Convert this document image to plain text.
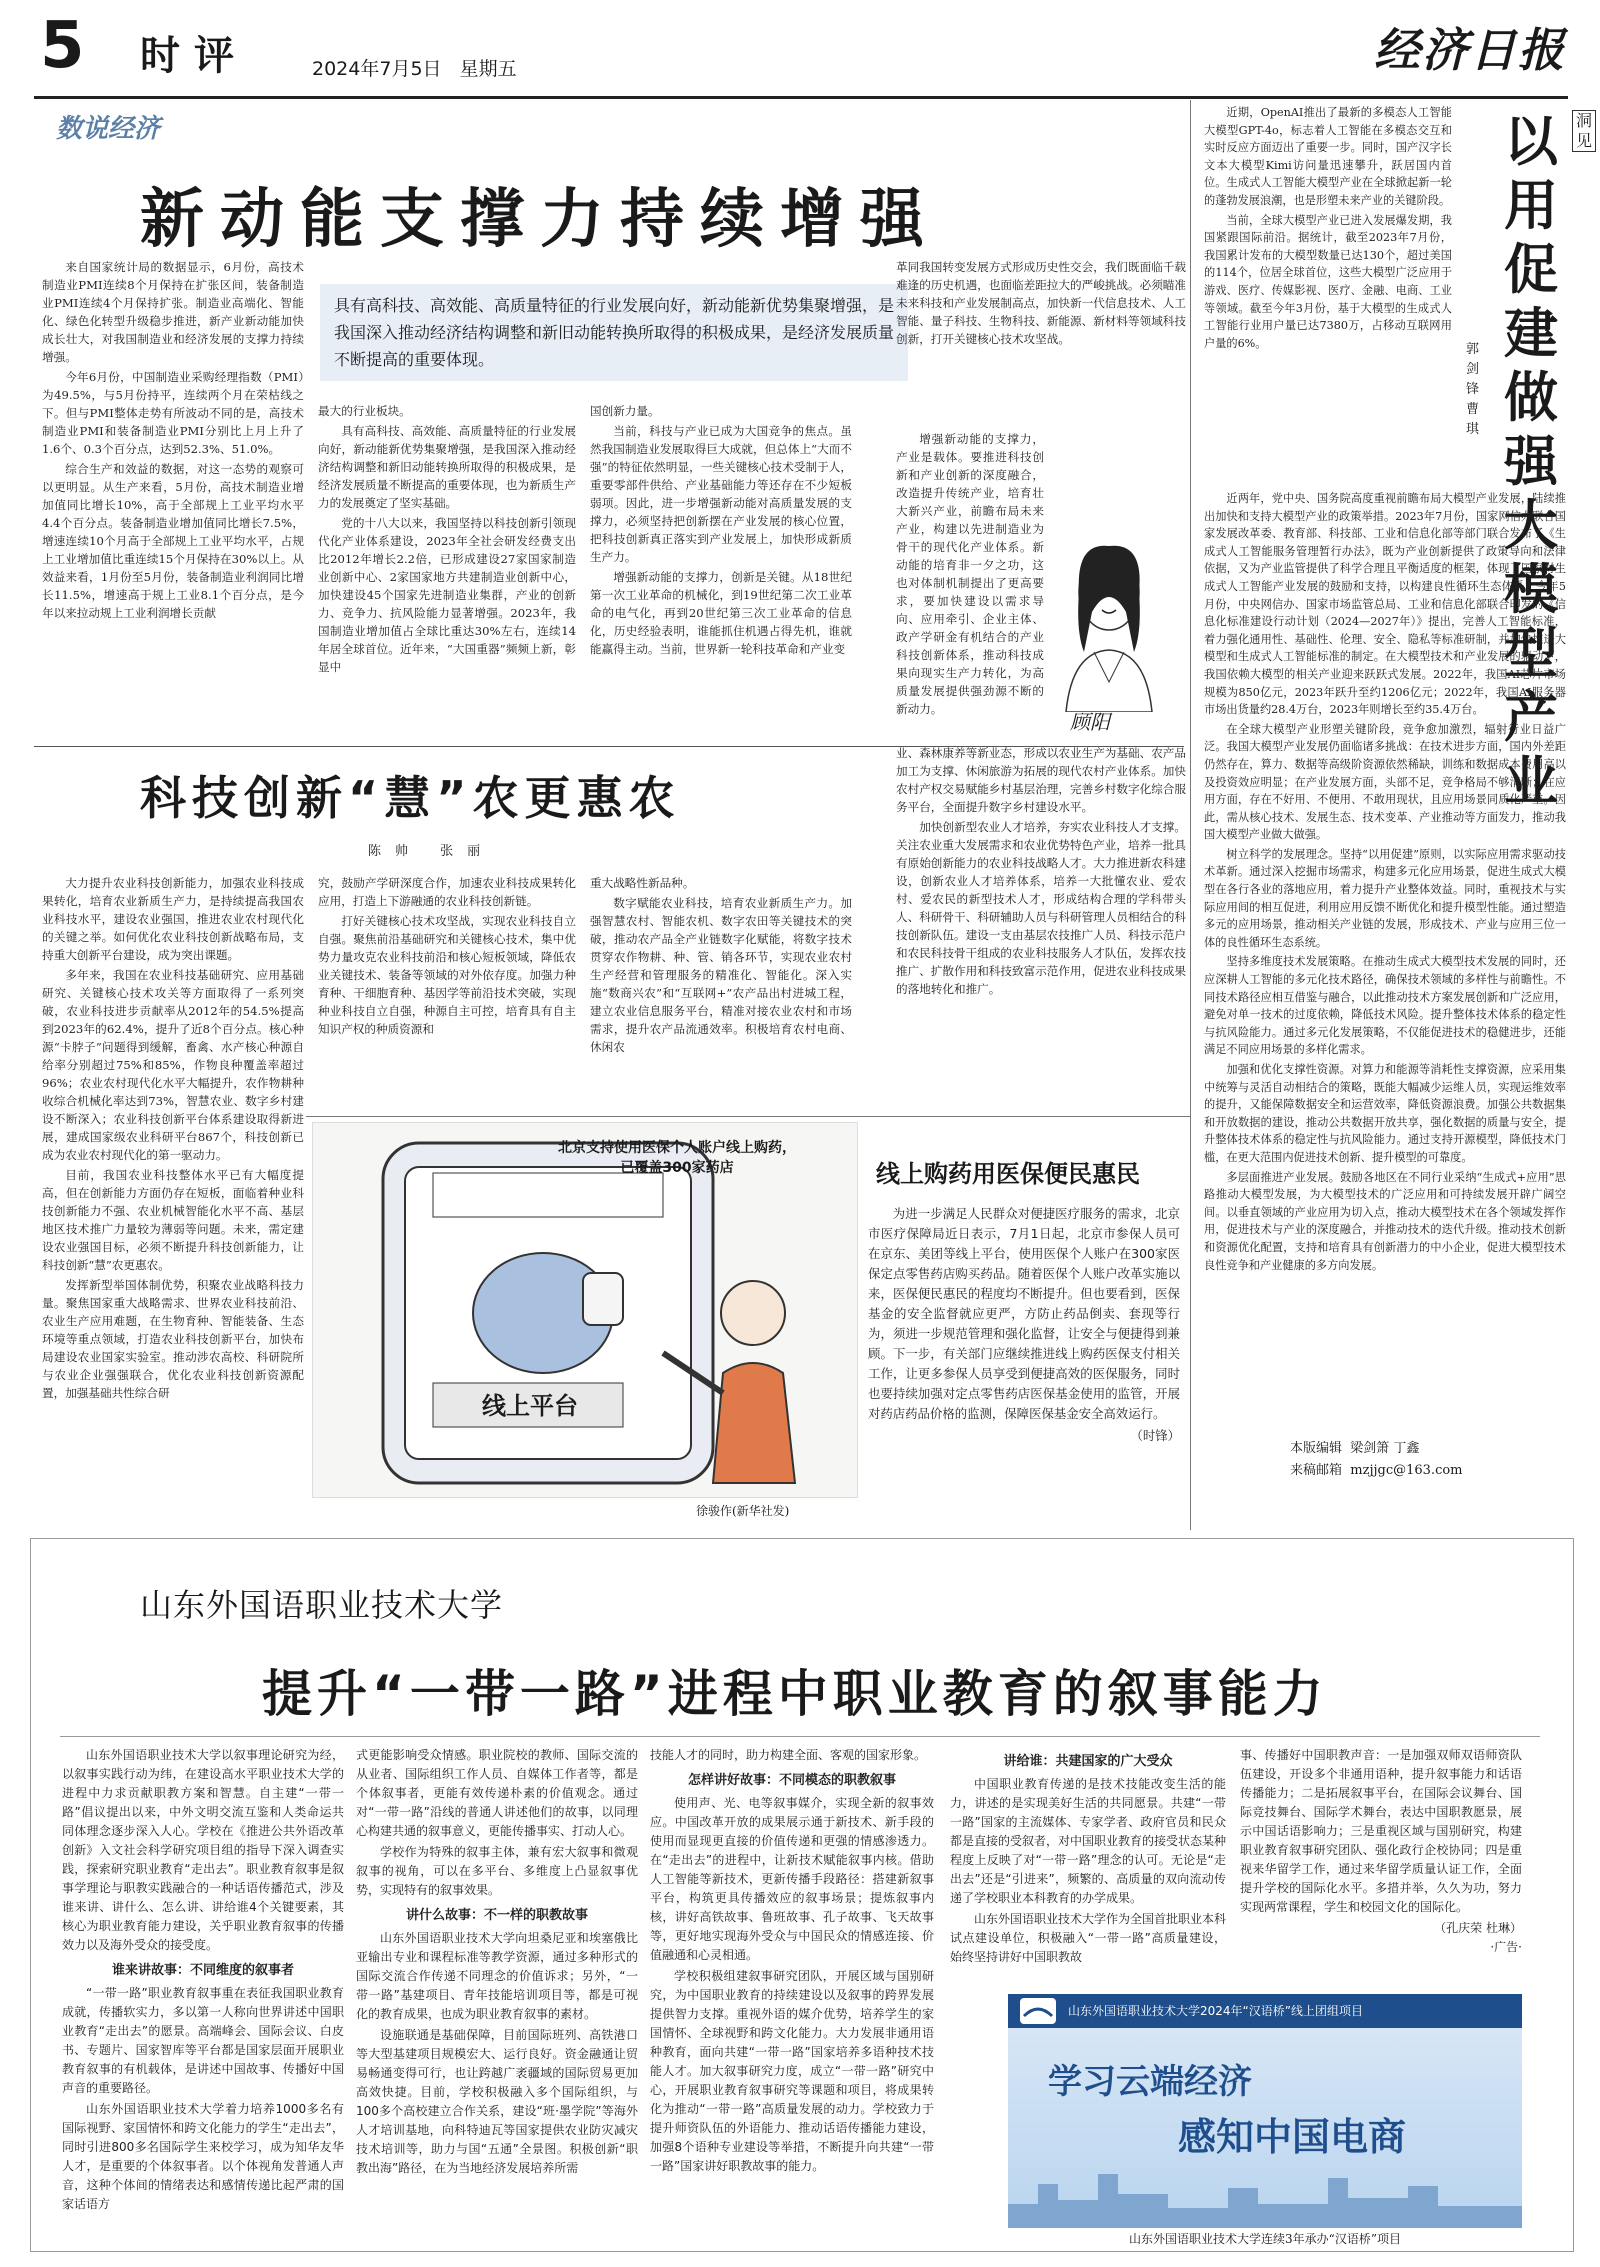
5 时评	2024年7月5日 星期五	经济日报
数说经济
新动能支撑力持续增强
具有高科技、高效能、高质量特征的行业发展向好，新动能新优势集聚增强，是我国深入推动经济结构调整和新旧动能转换所取得的积极成果，是经济发展质量不断提高的重要体现。

来自国家统计局的数据显示，6月份，高技术制造业PMI连续8个月保持在扩张区间，装备制造业PMI连续4个月保持扩张。制造业高端化、智能化、绿色化转型升级稳步推进，新产业新动能加快成长壮大，对我国制造业和经济发展的支撑力持续增强。

今年6月份，中国制造业采购经理指数（PMI）为49.5%，与5月份持平，连续两个月在荣枯线之下。但与PMI整体走势有所波动不同的是，高技术制造业PMI和装备制造业PMI分别比上月上升了1.6个、0.3个百分点，达到52.3%、51.0%。

综合生产和效益的数据，对这一态势的观察可以更明显。从生产来看，5月份，高技术制造业增加值同比增长10%，高于全部规上工业平均水平4.4个百分点。装备制造业增加值同比增长7.5%，增速连续10个月高于全部规上工业平均水平，占规上工业增加值比重连续15个月保持在30%以上。从效益来看，1月份至5月份，装备制造业利润同比增长11.5%，增速高于规上工业8.1个百分点，是今年以来拉动规上工业利润增长贡献

最大的行业板块。

具有高科技、高效能、高质量特征的行业发展向好，新动能新优势集聚增强，是我国深入推动经济结构调整和新旧动能转换所取得的积极成果，是经济发展质量不断提高的重要体现，也为新质生产力的发展奠定了坚实基础。

党的十八大以来，我国坚持以科技创新引领现代化产业体系建设，2023年全社会研发经费支出比2012年增长2.2倍，已形成建设27家国家制造业创新中心、2家国家地方共建制造业创新中心，加快建设45个国家先进制造业集群，产业的创新力、竞争力、抗风险能力显著增强。2023年，我国制造业增加值占全球比重达30%左右，连续14年居全球首位。近年来，“大国重器”频频上新，彰显中

国创新力量。

当前，科技与产业已成为大国竞争的焦点。虽然我国制造业发展取得巨大成就，但总体上“大而不强”的特征依然明显，一些关键核心技术受制于人，重要零部件供给、产业基础能力等还存在不少短板弱项。因此，进一步增强新动能对高质量发展的支撑力，必须坚持把创新摆在产业发展的核心位置，把科技创新真正落实到产业发展上，加快形成新质生产力。

增强新动能的支撑力，创新是关键。从18世纪第一次工业革命的机械化，到19世纪第二次工业革命的电气化，再到20世纪第三次工业革命的信息化，历史经验表明，谁能抓住机遇占得先机，谁就能赢得主动。当前，世界新一轮科技革命和产业变

革同我国转变发展方式形成历史性交会，我们既面临千载难逢的历史机遇，也面临差距拉大的严峻挑战。必须瞄准未来科技和产业发展制高点，加快新一代信息技术、人工智能、量子科技、生物科技、新能源、新材料等领域科技创新，打开关键核心技术攻坚战。

增强新动能的支撑力，产业是载体。要推进科技创新和产业创新的深度融合，改造提升传统产业，培育壮大新兴产业，前瞻布局未来产业，构建以先进制造业为骨干的现代化产业体系。新动能的培育非一夕之功，这也对体制机制提出了更高要求，要加快建设以需求导向、应用牵引、企业主体、政产学研金有机结合的产业科技创新体系，推动科技成果向现实生产力转化，为高质量发展提供强劲源不断的新动力。

顾阳
科技创新“慧”农更惠农
陈帅 张丽

大力提升农业科技创新能力，加强农业科技成果转化，培育农业新质生产力，是持续提高我国农业科技水平，建设农业强国，推进农业农村现代化的关键之举。如何优化农业科技创新战略布局，支持重大创新平台建设，成为突出课题。

多年来，我国在农业科技基础研究、应用基础研究、关键核心技术攻关等方面取得了一系列突破，农业科技进步贡献率从2012年的54.5%提高到2023年的62.4%，提升了近8个百分点。核心种源“卡脖子”问题得到缓解，畜禽、水产核心种源自给率分别超过75%和85%，作物良种覆盖率超过96%；农业农村现代化水平大幅提升，农作物耕种收综合机械化率达到73%，智慧农业、数字乡村建设不断深入；农业科技创新平台体系建设取得新进展，建成国家级农业科研平台867个，科技创新已成为农业农村现代化的第一驱动力。

目前，我国农业科技整体水平已有大幅度提高，但在创新能力方面仍存在短板，面临着种业科技创新能力不强、农业机械智能化水平不高、基层地区技术推广力量较为薄弱等问题。未来，需定建设农业强国目标，必须不断提升科技创新能力，让科技创新“慧”农更惠农。

发挥新型举国体制优势，积聚农业战略科技力量。聚焦国家重大战略需求、世界农业科技前沿、农业生产应用难题，在生物育种、智能装备、生态环境等重点领域，打造农业科技创新平台，加快布局建设农业国家实验室。推动涉农高校、科研院所与农业企业强强联合，优化农业科技创新资源配置，加强基础共性综合研

究，鼓励产学研深度合作，加速农业科技成果转化应用，打造上下游融通的农业科技创新链。

打好关键核心技术攻坚战，实现农业科技自立自强。聚焦前沿基础研究和关键核心技术，集中优势力量攻克农业科技前沿和核心短板领域，降低农业关键技术、装备等领域的对外依存度。加强力种育种、干细胞育种、基因学等前沿技术突破，实现种业科技自立自强，种源自主可控，培育具有自主知识产权的种质资源和

重大战略性新品种。

数字赋能农业科技，培育农业新质生产力。加强智慧农村、智能农机、数字农田等关键技术的突破，推动农产品全产业链数字化赋能，将数字技术贯穿农作物耕、种、管、销各环节，实现农业农村生产经营和管理服务的精准化、智能化。深入实施“数商兴农”和“互联网+”农产品出村进城工程，建立农业信息服务平台，精准对接农业农村和市场需求，提升农产品流通效率。积极培育农村电商、休闲农

业、森林康养等新业态，形成以农业生产为基础、农产品加工为支撑、休闲旅游为拓展的现代农村产业体系。加快农村产权交易赋能乡村基层治理，完善乡村数字化综合服务平台，全面提升数字乡村建设水平。

加快创新型农业人才培养，夯实农业科技人才支撑。关注农业重大发展需求和农业优势特色产业，培养一批具有原始创新能力的农业科技战略人才。大力推进新农科建设，创新农业人才培养体系，培养一大批懂农业、爱农村、爱农民的新型技术人才，形成结构合理的学科带头人、科研骨干、科研辅助人员与科研管理人员相结合的科技创新队伍。建设一支由基层农技推广人员、科技示范户和农民科技骨干组成的农业科技服务人才队伍，发挥农技推广、扩散作用和科技致富示范作用，促进农业科技成果的落地转化和推广。

北京支持使用医保个人账户线上购药，已覆盖300家药店
线上平台
徐骏作(新华社发)
线上购药用医保便民惠民

为进一步满足人民群众对便捷医疗服务的需求，北京市医疗保障局近日表示，7月1日起，北京市参保人员可在京东、美团等线上平台，使用医保个人账户在300家医保定点零售药店购买药品。随着医保个人账户改革实施以来，医保便民惠民的程度均不断提升。但也要看到，医保基金的安全监督就应更严，方防止药品倒卖、套现等行为，须进一步规范管理和强化监督，让安全与便捷得到兼顾。下一步，有关部门应继续推进线上购药医保支付相关工作，让更多参保人员享受到便捷高效的医保服务，同时也要持续加强对定点零售药店医保基金使用的监管，开展对药店药品价格的监测，保障医保基金安全高效运行。

（时锋）
洞见
以用促建做强大模型产业
郭剑锋 曹琪

近期，OpenAI推出了最新的多模态人工智能大模型GPT-4o，标志着人工智能在多模态交互和实时反应方面迈出了重要一步。同时，国产汉字长文本大模型Kimi访问量迅速攀升，跃居国内首位。生成式人工智能大模型产业在全球掀起新一轮的蓬勃发展浪潮，也是形塑未来产业的关键阶段。

当前，全球大模型产业已进入发展爆发期，我国紧跟国际前沿。据统计，截至2023年7月份，我国累计发布的大模型数量已达130个，超过美国的114个，位居全球首位，这些大模型广泛应用于游戏、医疗、传媒影视、医疗、金融、电商、工业等领域。截至今年3月份，基于大模型的生成式人工智能行业用户量已达7380万，占移动互联网用户量的6%。

近两年，党中央、国务院高度重视前瞻布局大模型产业发展，陆续推出加快和支持大模型产业的政策举措。2023年7月份，国家网信办联合国家发展改革委、教育部、科技部、工业和信息化部等部门联合发布了《生成式人工智能服务管理暂行办法》，既为产业创新提供了政策导向和法律依据，又为产业监管提供了科学合理且平衡适度的框架，体现了国家对生成式人工智能产业发展的鼓励和支持，以构建良性循环生态体系。今年5月份，中央网信办、国家市场监管总局、工业和信息化部联合印发的《信息化标准建设行动计划（2024—2027年）》提出，完善人工智能标准，着力强化通用性、基础性、伦理、安全、隐私等标准研制，并加快推进大模型和生成式人工智能标准的制定。在大模型技术和产业发展的驱动下，我国依赖大模型的相关产业迎来跃跃式发展。2022年，我国AI芯片市场规模为850亿元，2023年跃升至约1206亿元；2022年，我国AI服务器市场出货量约28.4万台，2023年则增长至约35.4万台。

在全球大模型产业形塑关键阶段，竞争愈加激烈，辐射行业日益广泛。我国大模型产业发展仍面临诸多挑战：在技术进步方面，国内外差距仍然存在，算力、数据等高级阶资源依然稀缺，训练和数据成本费用高以及投资效应明显；在产业发展方面，头部不足，竞争格局不够清晰；在应用方面，存在不好用、不便用、不敢用现状，且应用场景同质化严重。因此，需从核心技术、发展生态、技术变革、产业推动等方面发力，推动我国大模型产业做大做强。

树立科学的发展理念。坚持“以用促建”原则，以实际应用需求驱动技术革新。通过深入挖掘市场需求，构建多元化应用场景，促进生成式大模型在各行各业的落地应用，着力提升产业整体效益。同时，重视技术与实际应用间的相互促进，利用应用反馈不断优化和提升模型性能。通过塑造多元的应用场景，推动相关产业链的发展，形成技术、产业与应用三位一体的良性循环生态系统。

坚持多维度技术发展策略。在推动生成式大模型技术发展的同时，还应深耕人工智能的多元化技术路径，确保技术领域的多样性与前瞻性。不同技术路径应相互借鉴与融合，以此推动技术方案发展创新和广泛应用，避免对单一技术的过度依赖，降低技术风险。提升整体技术体系的稳定性与抗风险能力。通过多元化发展策略，不仅能促进技术的稳健进步，还能满足不同应用场景的多样化需求。

加强和优化支撑性资源。对算力和能源等消耗性支撑资源，应采用集中统筹与灵活自动相结合的策略，既能大幅减少运维人员，实现运维效率的提升，又能保障数据安全和运营效率，降低资源浪费。加强公共数据集和开放数据的建设，推动公共数据开放共享，强化数据的质量与安全，提升整体技术体系的稳定性与抗风险能力。通过支持开源模型，降低技术门槛，在更大范围内促进技术创新、提升模型的可靠度。

多层面推进产业发展。鼓励各地区在不同行业采纳“生成式+应用”思路推动大模型发展，为大模型技术的广泛应用和可持续发展开辟广阔空间。以垂直领域的产业应用为切入点，推动大模型技术在各个领域发挥作用，促进技术与产业的深度融合，并推动技术的迭代升级。推动技术创新和资源优化配置，支持和培育具有创新潜力的中小企业，促进大模型技术良性竞争和产业健康的多方向发展。

本版编辑 梁剑箫 丁鑫
来稿邮箱 mzjjgc@163.com
山东外国语职业技术大学
提升“一带一路”进程中职业教育的叙事能力

山东外国语职业技术大学以叙事理论研究为经，以叙事实践行动为纬，在建设高水平职业技术大学的进程中力求贡献职教方案和智慧。自主建“一带一路”倡议提出以来，中外文明交流互鉴和人类命运共同体理念逐步深入人心。学校在《推进公共外语改革创新》入文社会科学研究项目组的指导下深入调查实践，探索研究职业教育“走出去”。职业教育叙事是叙事学理论与职教实践融合的一种话语传播范式，涉及谁来讲、讲什么、怎么讲、讲给谁4个关键要素，其核心为职业教育能力建设，关乎职业教育叙事的传播效力以及海外受众的接受度。

谁来讲故事：不同维度的叙事者

“一带一路”职业教育叙事重在表征我国职业教育成就，传播软实力，多以第一人称向世界讲述中国职业教育“走出去”的愿景。高端峰会、国际会议、白皮书、专题片、国家智库等平台都是国家层面开展职业教育叙事的有机载体，是讲述中国故事、传播好中国声音的重要路径。

山东外国语职业技术大学着力培养1000多名有国际视野、家国情怀和跨文化能力的学生“走出去”，同时引进800多名国际学生来校学习，成为知华友华人才，是重要的个体叙事者。以个体视角发普通人声音，这种个体间的情绪表达和感情传递比起严肃的国家话语方

式更能影响受众情感。职业院校的教师、国际交流的从业者、国际组织工作人员、自媒体工作者等，都是个体叙事者，更能有效传递朴素的价值观念。通过对“一带一路”沿线的普通人讲述他们的故事，以同理心构建共通的叙事意义，更能传播事实、打动人心。

学校作为特殊的叙事主体，兼有宏大叙事和微观叙事的视角，可以在多平台、多维度上凸显叙事优势，实现特有的叙事效果。

讲什么故事：不一样的职教故事

山东外国语职业技术大学向坦桑尼亚和埃塞俄比亚输出专业和课程标准等教学资源，通过多种形式的国际交流合作传递不同理念的价值诉求；另外，“一带一路”基建项目、青年技能培训项目等，都是可视化的教育成果，也成为职业教育叙事的素材。

设施联通是基础保障，目前国际班列、高铁港口等大型基建项目规模宏大、运行良好。资金融通让贸易畅通变得可行，也让跨越广袤疆域的国际贸易更加高效快捷。目前，学校积极融入多个国际组织，与100多个高校建立合作关系，建设“班·墨学院”等海外人才培训基地，向科特迪瓦等国家提供农业防灾减灾技术培训等，助力与国“五通”全景图。积极创新“职教出海”路径，在为当地经济发展培养所需

技能人才的同时，助力构建全面、客观的国家形象。

怎样讲好故事：不同模态的职教叙事

使用声、光、电等叙事媒介，实现全新的叙事效应。中国改革开放的成果展示通于新技术、新手段的使用而显现更直接的价值传递和更强的情感渗透力。在“走出去”的进程中，让新技术赋能叙事内核。借助人工智能等新技术，更新传播手段路径：搭建新叙事平台，构筑更具传播效应的叙事场景；提炼叙事内核，讲好高铁故事、鲁班故事、孔子故事、飞天故事等，更好地实现海外受众与中国民众的情感连接、价值融通和心灵相通。

学校积极组建叙事研究团队，开展区域与国别研究，为中国职业教育的持续建设以及叙事的跨界发展提供智力支撑。重视外语的媒介优势，培养学生的家国情怀、全球视野和跨文化能力。大力发展非通用语种教育，面向共建“一带一路”国家培养多语种技术技能人才。加大叙事研究力度，成立“一带一路”研究中心，开展职业教育叙事研究等课题和项目，将成果转化为推动“一带一路”高质量发展的动力。学校致力于提升师资队伍的外语能力、推动话语传播能力建设，加强8个语种专业建设等举措，不断提升向共建“一带一路”国家讲好职教故事的能力。

讲给谁：共建国家的广大受众

中国职业教育传递的是技术技能改变生活的能力，讲述的是实现美好生活的共同愿景。共建“一带一路”国家的主流媒体、专家学者、政府官员和民众都是直接的受叙者，对中国职业教育的接受状态某种程度上反映了对“一带一路”理念的认可。无论是“走出去”还是“引进来”，频繁的、高质量的双向流动传递了学校职业本科教育的办学成果。

山东外国语职业技术大学作为全国首批职业本科试点建设单位，积极融入“一带一路”高质量建设，始终坚持讲好中国职教故

事、传播好中国职教声音：一是加强双师双语师资队伍建设，开设多个非通用语种，提升叙事能力和话语传播能力；二是拓展叙事平台，在国际会议舞台、国际竞技舞台、国际学术舞台，表达中国职教愿景，展示中国话语影响力；三是重视区域与国别研究，构建职业教育叙事研究团队、强化政行企校协同；四是重视来华留学工作，通过来华留学质量认证工作，全面提升学校的国际化水平。多措并举，久久为功，努力实现两常课程，学生和校园文化的国际化。

（孔庆荣 杜琳）
·广告·
山东外国语职业技术大学2024年“汉语桥”线上团组项目
学习云端经济
感知中国电商
山东外国语职业技术大学连续3年承办“汉语桥”项目
